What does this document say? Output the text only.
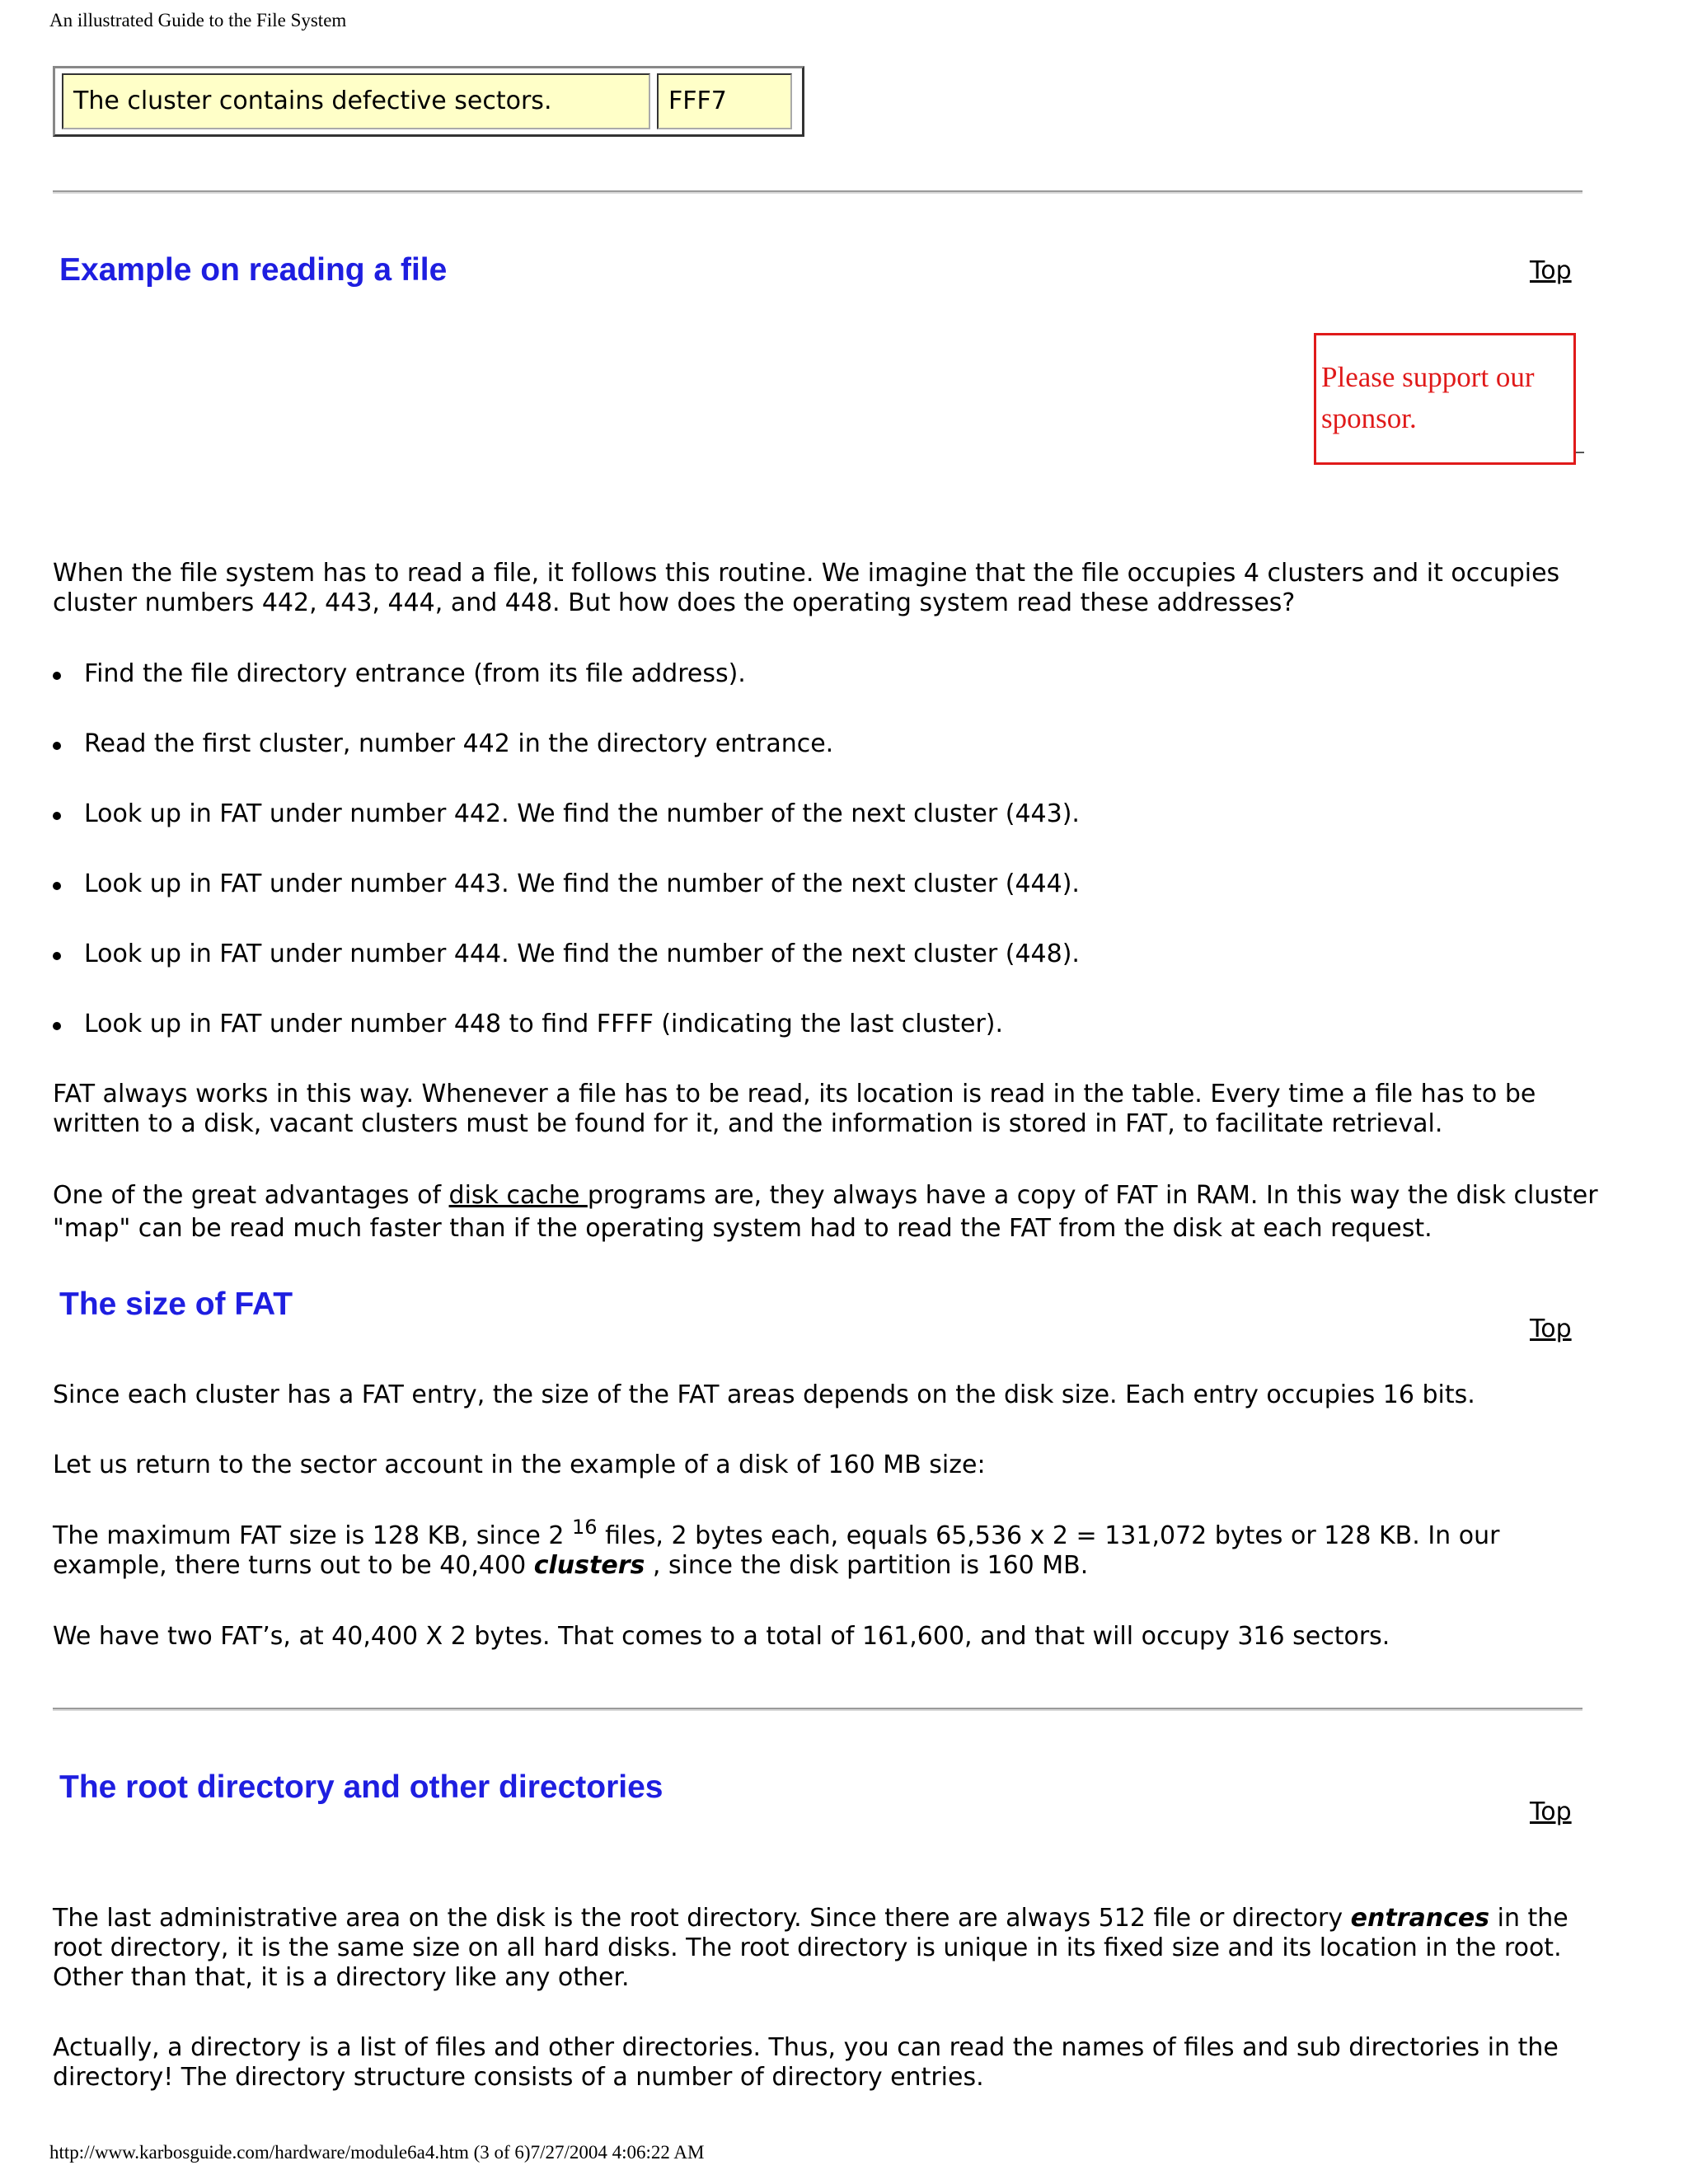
An illustrated Guide to the File System
The cluster contains defective sectors.	FFF7
Example on reading a file	Top
Please support our sponsor.

When the file system has to read a file, it follows this routine. We imagine that the file occupies 4 clusters and it occupies cluster numbers 442, 443, 444, and 448. But how does the operating system read these addresses?

Find the file directory entrance (from its file address).
Read the first cluster, number 442 in the directory entrance.
Look up in FAT under number 442. We find the number of the next cluster (443).
Look up in FAT under number 443. We find the number of the next cluster (444).
Look up in FAT under number 444. We find the number of the next cluster (448).
Look up in FAT under number 448 to find FFFF (indicating the last cluster).

FAT always works in this way. Whenever a file has to be read, its location is read in the table. Every time a file has to be written to a disk, vacant clusters must be found for it, and the information is stored in FAT, to facilitate retrieval.

One of the great advantages of disk cache programs are, they always have a copy of FAT in RAM. In this way the disk cluster "map" can be read much faster than if the operating system had to read the FAT from the disk at each request.

The size of FAT
Top

Since each cluster has a FAT entry, the size of the FAT areas depends on the disk size. Each entry occupies 16 bits.

Let us return to the sector account in the example of a disk of 160 MB size:

The maximum FAT size is 128 KB, since 2 $^{16}$ files, 2 bytes each, equals 65,536 x 2 = 131,072 bytes or 128 KB. In our example, there turns out to be 40,400 clusters , since the disk partition is 160 MB.

We have two FAT’s, at 40,400 X 2 bytes. That comes to a total of 161,600, and that will occupy 316 sectors.

The root directory and other directories
Top

The last administrative area on the disk is the root directory. Since there are always 512 file or directory entrances in the root directory, it is the same size on all hard disks. The root directory is unique in its fixed size and its location in the root. Other than that, it is a directory like any other.

Actually, a directory is a list of files and other directories. Thus, you can read the names of files and sub directories in the directory! The directory structure consists of a number of directory entries.

http://www.karbosguide.com/hardware/module6a4.htm (3 of 6)7/27/2004 4:06:22 AM
